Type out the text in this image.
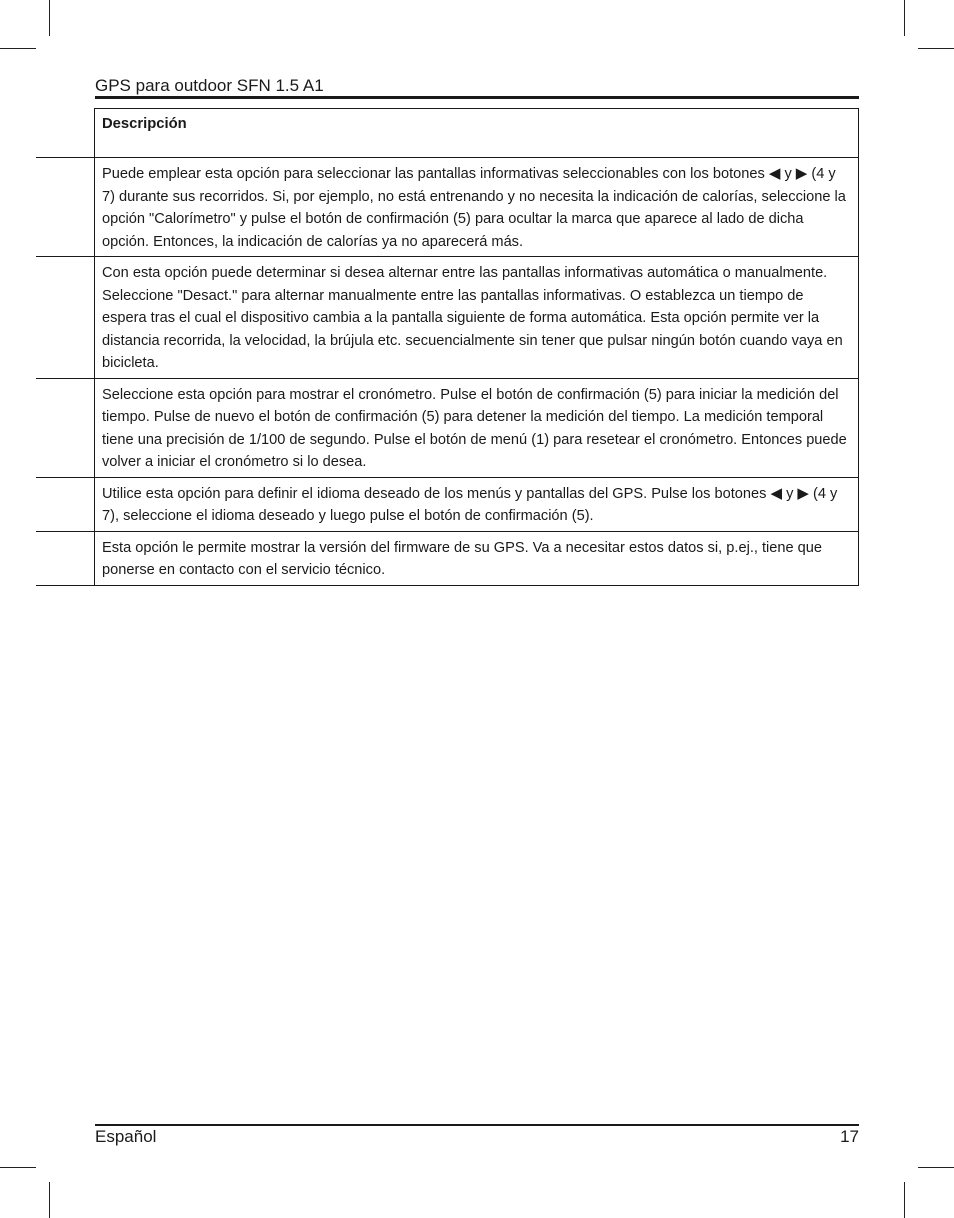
GPS para outdoor SFN 1.5 A1
Descripción
Puede emplear esta opción para seleccionar las pantallas informativas seleccionables con los botones ◀ y ▶ (4 y 7) durante sus recorridos. Si, por ejemplo, no está entrenando y no necesita la indicación de calorías, seleccione la opción "Calorímetro" y pulse el botón de confirmación (5) para ocultar la marca que aparece al lado de dicha opción. Entonces, la indicación de calorías ya no aparecerá más.
Con esta opción puede determinar si desea alternar entre las pantallas informativas automática o manualmente. Seleccione "Desact." para alternar manualmente entre las pantallas informativas. O establezca un tiempo de espera tras el cual el dispositivo cambia a la pantalla siguiente de forma automática. Esta opción permite ver la distancia recorrida, la velocidad, la brújula etc. secuencialmente sin tener que pulsar ningún botón cuando vaya en bicicleta.
Seleccione esta opción para mostrar el cronómetro. Pulse el botón de confirmación (5) para iniciar la medición del tiempo. Pulse de nuevo el botón de confirmación (5) para detener la medición del tiempo. La medición temporal tiene una precisión de 1/100 de segundo. Pulse el botón de menú (1) para resetear el cronómetro. Entonces puede volver a iniciar el cronómetro si lo desea.
Utilice esta opción para definir el idioma deseado de los menús y pantallas del GPS. Pulse los botones ◀ y ▶ (4 y 7), seleccione el idioma deseado y luego pulse el botón de confirmación (5).
Esta opción le permite mostrar la versión del firmware de su GPS. Va a necesitar estos datos si, p.ej., tiene que ponerse en contacto con el servicio técnico.
Español	17
